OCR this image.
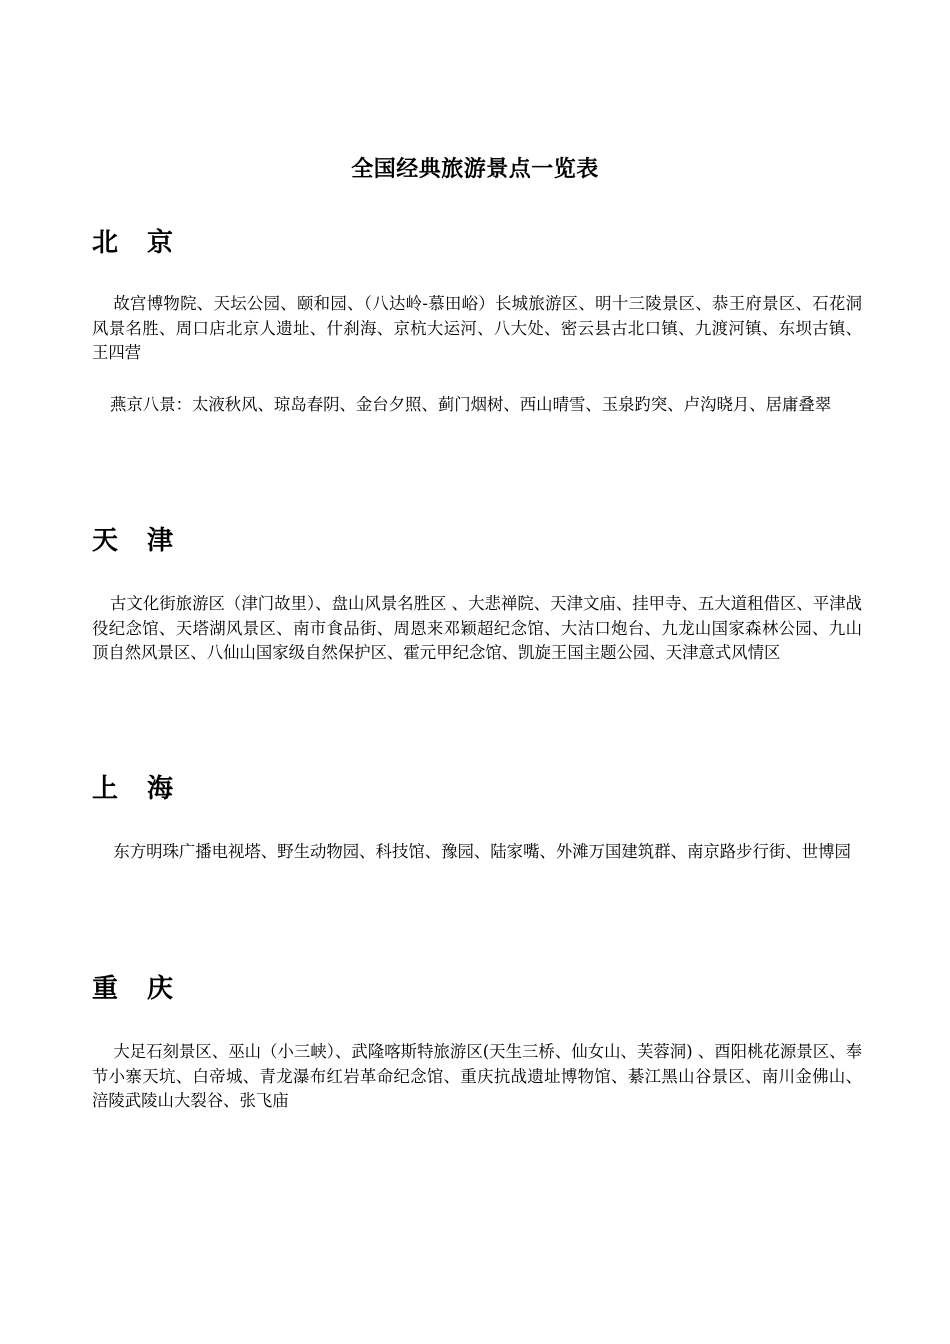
全国经典旅游景点一览表
北 京

故宫博物院、天坛公园、颐和园、（八达岭-慕田峪）长城旅游区、明十三陵景区、恭王府景区、石花洞风景名胜、周口店北京人遗址、什刹海、京杭大运河、八大处、密云县古北口镇、九渡河镇、东坝古镇、王四营

燕京八景：太液秋风、琼岛春阴、金台夕照、蓟门烟树、西山晴雪、玉泉趵突、卢沟晓月、居庸叠翠

天 津

古文化街旅游区（津门故里）、盘山风景名胜区 、大悲禅院、天津文庙、挂甲寺、五大道租借区、平津战役纪念馆、天塔湖风景区、南市食品街、周恩来邓颖超纪念馆、大沽口炮台、九龙山国家森林公园、九山顶自然风景区、八仙山国家级自然保护区、霍元甲纪念馆、凯旋王国主题公园、天津意式风情区

上 海

东方明珠广播电视塔、野生动物园、科技馆、豫园、陆家嘴、外滩万国建筑群、南京路步行街、世博园

重 庆

大足石刻景区、巫山（小三峡）、武隆喀斯特旅游区(天生三桥、仙女山、芙蓉洞) 、酉阳桃花源景区、奉节小寨天坑、白帝城、青龙瀑布红岩革命纪念馆、重庆抗战遗址博物馆、綦江黑山谷景区、南川金佛山、涪陵武陵山大裂谷、张飞庙
